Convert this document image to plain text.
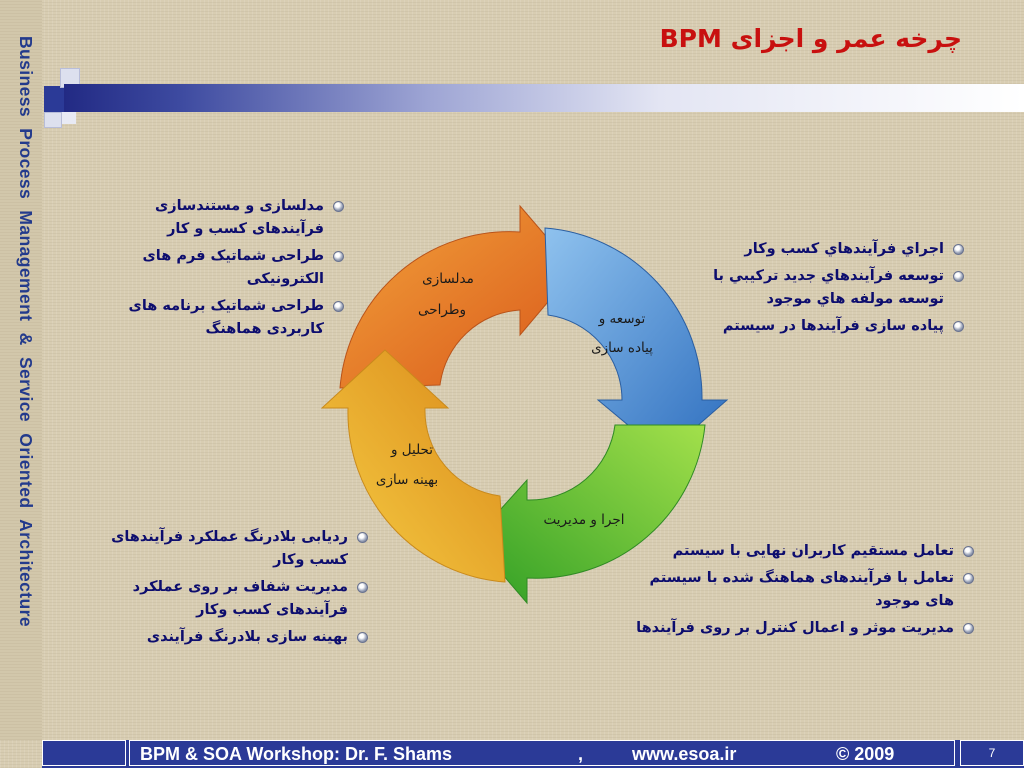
Business Process Management & Service Oriented Architecture	چرخه عمر و اجزای BPM
مدلسازی
وطراحی
توسعه و
پیاده سازی
اجرا و مدیریت
تحلیل و
بهینه سازی
مدلسازی و مستندسازی فرآیندهای کسب و کار
طراحی شماتیک فرم های الکترونیکی
طراحی شماتیک برنامه های کاربردی هماهنگ
اجراي فرآيندهاي كسب وكار
توسعه فرآيندهاي جديد تركيبي با توسعه مولفه هاي موجود
پیاده سازی فرآیندها در سیستم
ردیابی بلادرنگ عملکرد فرآیندهای کسب وکار
مدیریت شفاف بر روی عملکرد فرآیندهای کسب وکار
بهینه سازی بلادرنگ فرآیندی
تعامل مستقیم کاربران نهایی با سیستم
تعامل با فرآیندهای هماهنگ شده با سیستم های موجود
مدیریت موثر و اعمال کنترل بر روی فرآیندها
BPM & SOA Workshop: Dr. F. Shams	,	www.esoa.ir	© 2009	7
